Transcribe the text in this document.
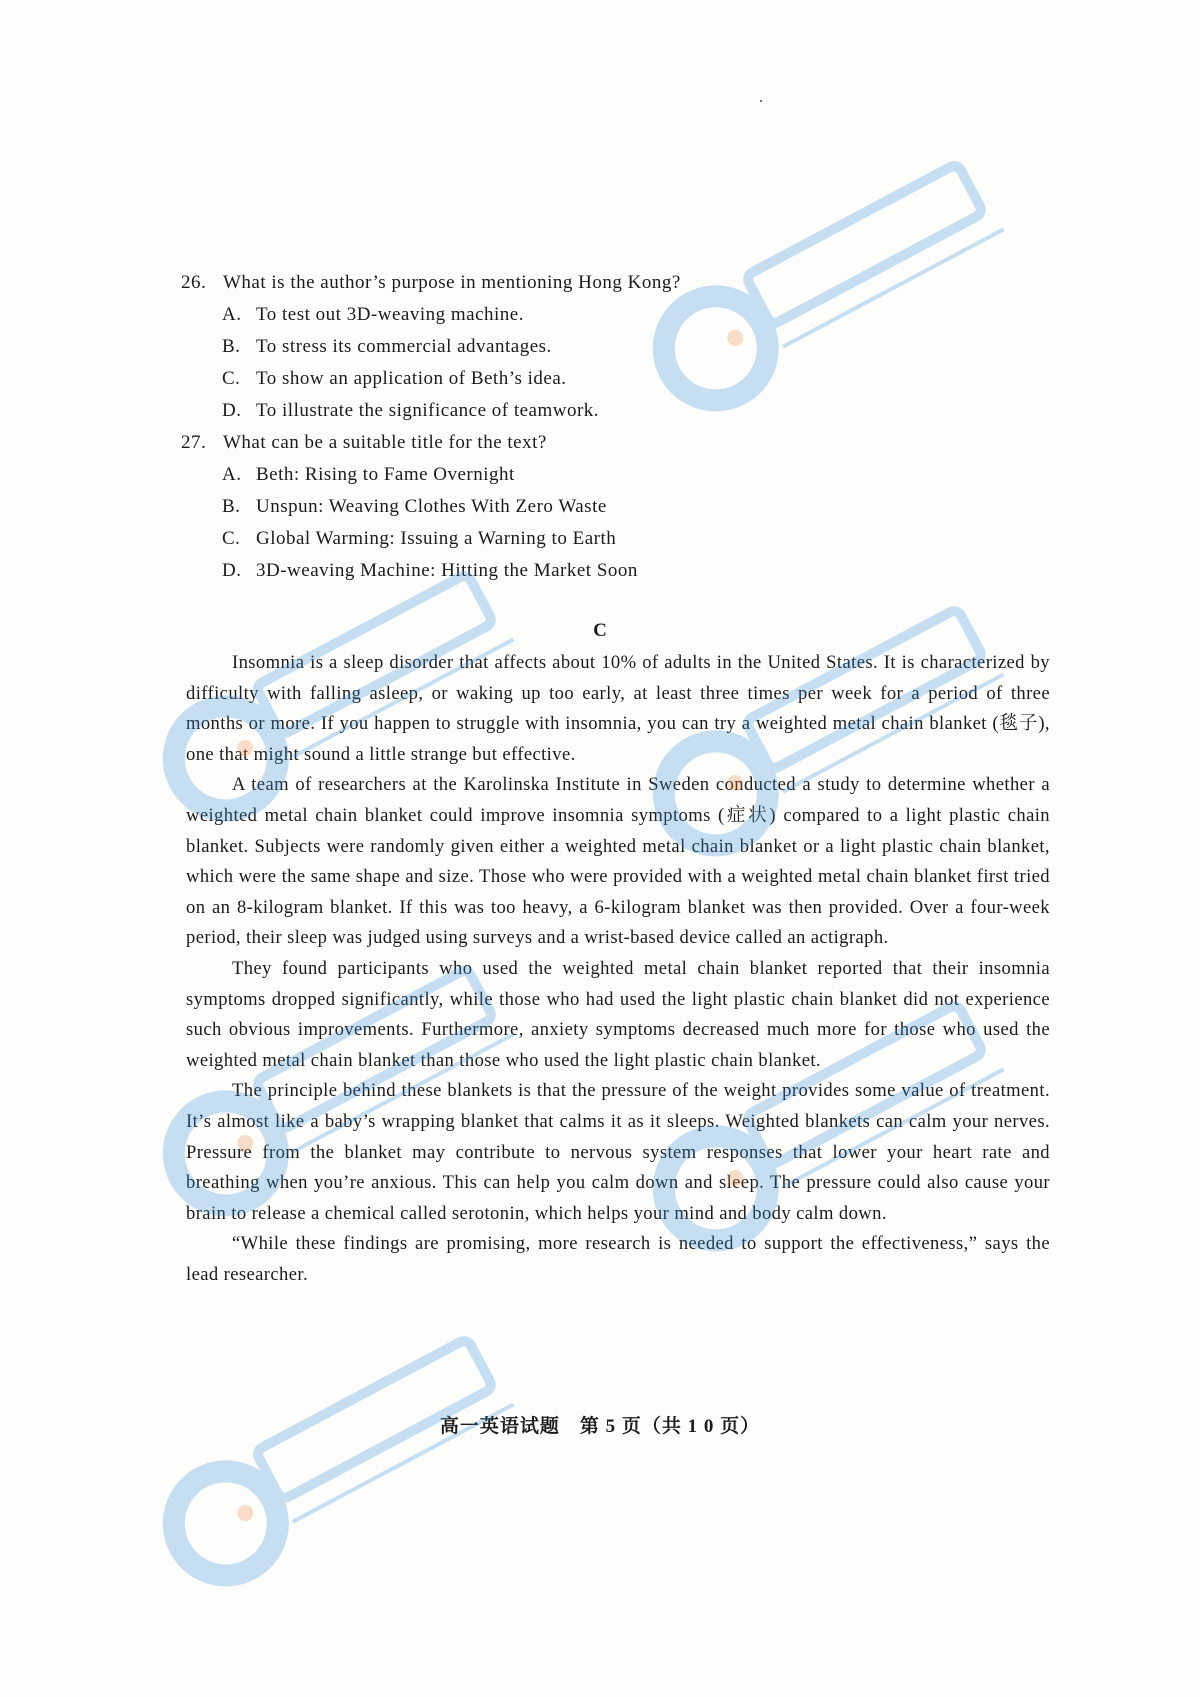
26. What is the author’s purpose in mentioning Hong Kong?
A. To test out 3D-weaving machine.
B. To stress its commercial advantages.
C. To show an application of Beth’s idea.
D. To illustrate the significance of teamwork.
27. What can be a suitable title for the text?
A. Beth: Rising to Fame Overnight
B. Unspun: Weaving Clothes With Zero Waste
C. Global Warming: Issuing a Warning to Earth
D. 3D-weaving Machine: Hitting the Market Soon
C

Insomnia is a sleep disorder that affects about 10% of adults in the United States. It is characterized by difficulty with falling asleep, or waking up too early, at least three times per week for a period of three months or more. If you happen to struggle with insomnia, you can try a weighted metal chain blanket (毯子), one that might sound a little strange but effective.

A team of researchers at the Karolinska Institute in Sweden conducted a study to determine whether a weighted metal chain blanket could improve insomnia symptoms (症状) compared to a light plastic chain blanket. Subjects were randomly given either a weighted metal chain blanket or a light plastic chain blanket, which were the same shape and size. Those who were provided with a weighted metal chain blanket first tried on an 8-kilogram blanket. If this was too heavy, a 6-kilogram blanket was then provided. Over a four-week period, their sleep was judged using surveys and a wrist-based device called an actigraph.

They found participants who used the weighted metal chain blanket reported that their insomnia symptoms dropped significantly, while those who had used the light plastic chain blanket did not experience such obvious improvements. Furthermore, anxiety symptoms decreased much more for those who used the weighted metal chain blanket than those who used the light plastic chain blanket.

The principle behind these blankets is that the pressure of the weight provides some value of treatment. It’s almost like a baby’s wrapping blanket that calms it as it sleeps. Weighted blankets can calm your nerves. Pressure from the blanket may contribute to nervous system responses that lower your heart rate and breathing when you’re anxious. This can help you calm down and sleep. The pressure could also cause your brain to release a chemical called serotonin, which helps your mind and body calm down.

“While these findings are promising, more research is needed to support the effectiveness,” says the lead researcher.

高一英语试题　第 5 页（共 1 0 页）
